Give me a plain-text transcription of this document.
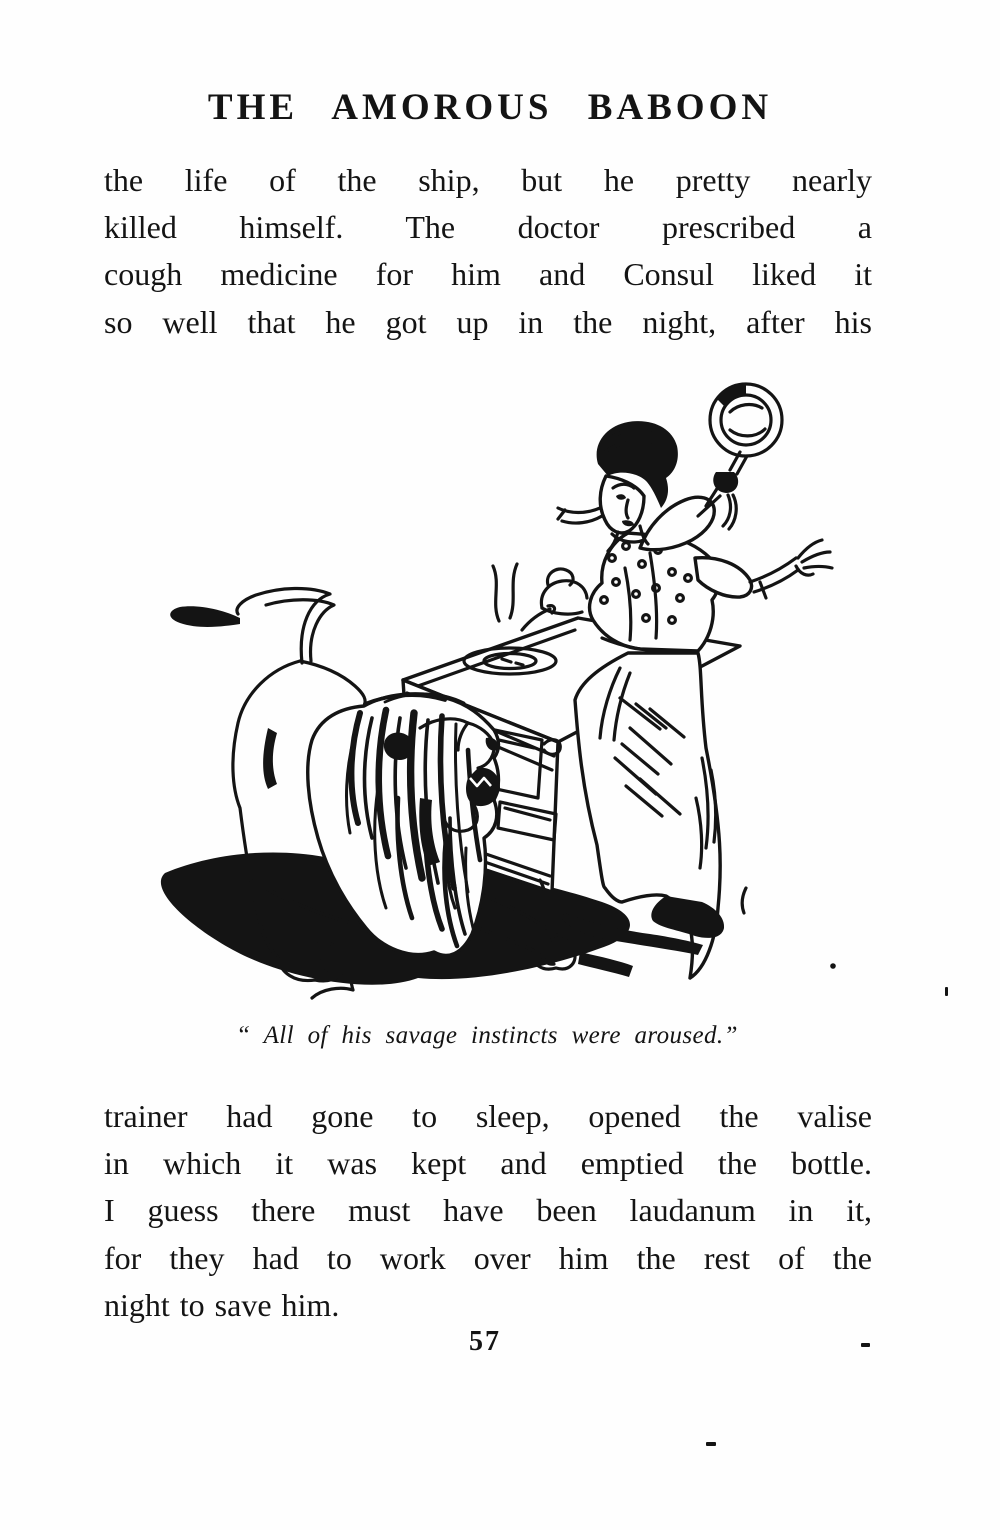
THE AMOROUS BABOON
the life of the ship, but he pretty nearly
killed himself. The doctor prescribed a
cough medicine for him and Consul liked it
so well that he got up in the night, after his
“ All of his savage instincts were aroused.”
trainer had gone to sleep, opened the valise
in which it was kept and emptied the bottle.
I guess there must have been laudanum in it,
for they had to work over him the rest of the
night to save him.
57
